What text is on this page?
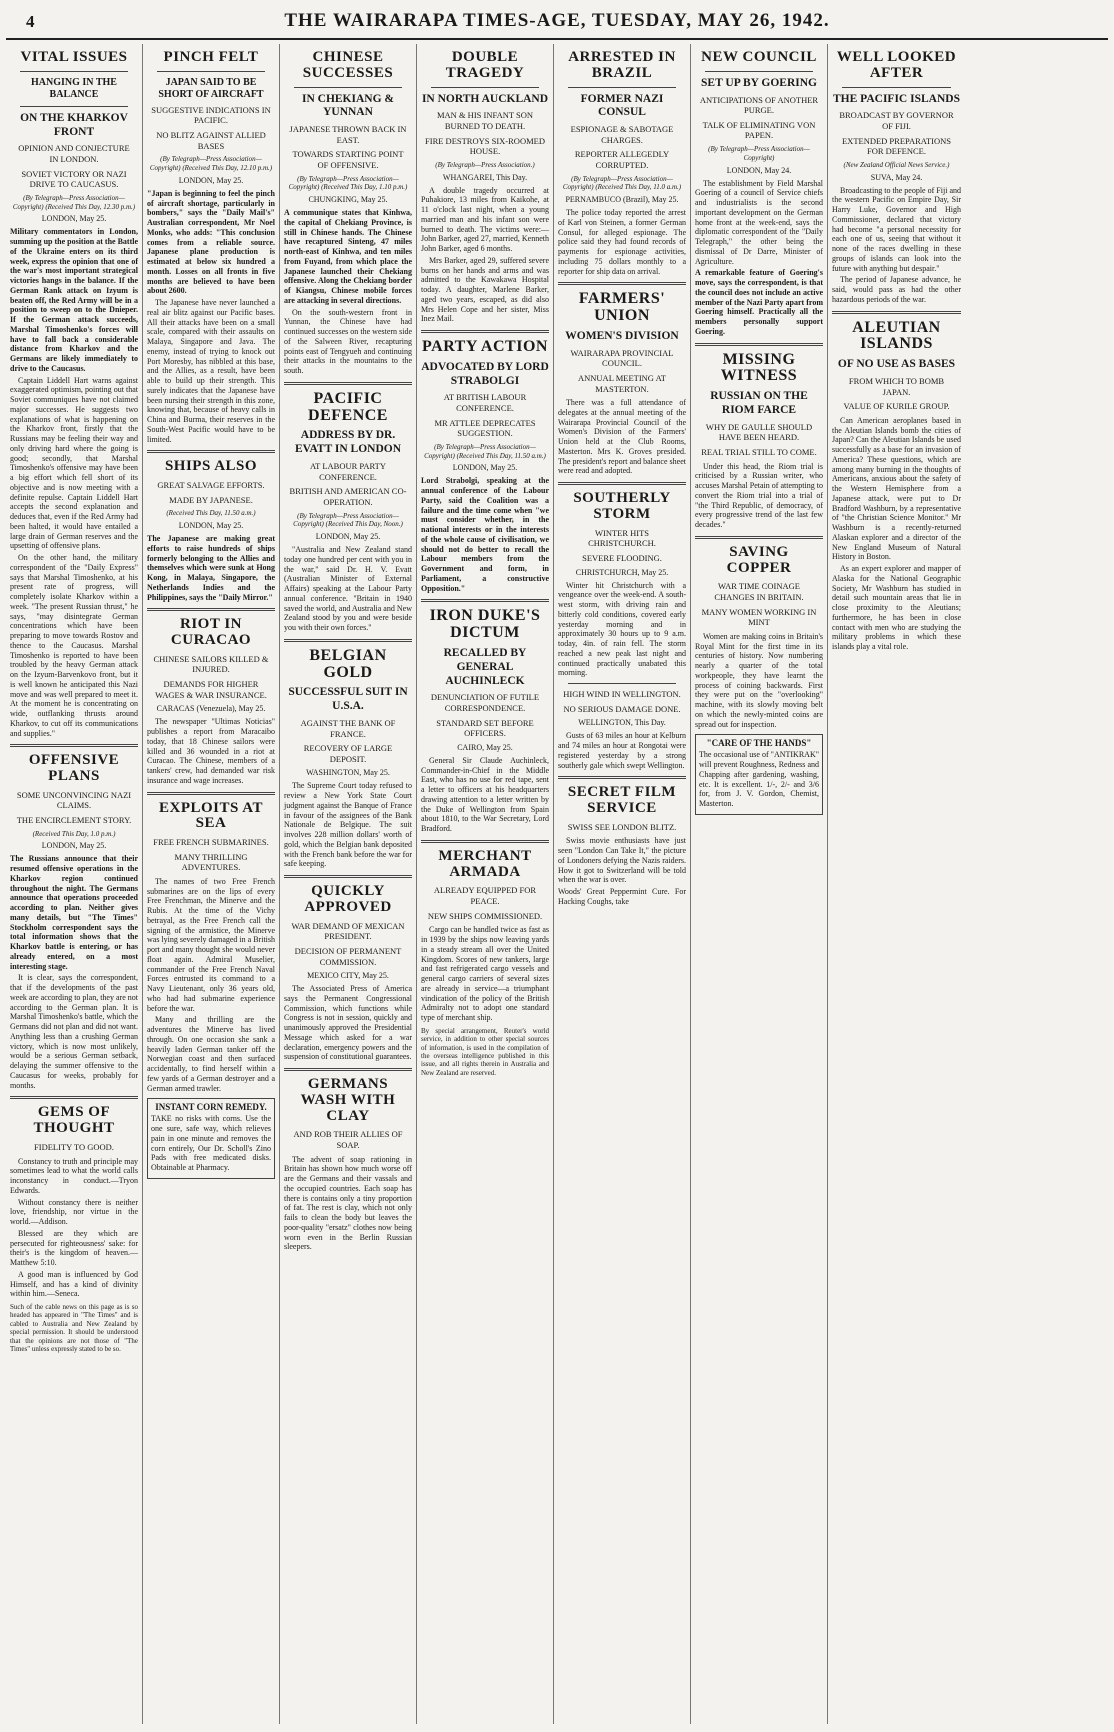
4	THE WAIRARAPA TIMES-AGE, TUESDAY, MAY 26, 1942.
VITAL ISSUES
HANGING IN THE BALANCE
ON THE KHARKOV FRONT
OPINION AND CONJECTURE IN LONDON.
SOVIET VICTORY OR NAZI DRIVE TO CAUCASUS.
(By Telegraph—Press Association—Copyright) (Received This Day, 12.30 p.m.)
LONDON, May 25.

Military commentators in London, summing up the position at the Battle of the Ukraine enters on its third week, express the opinion that one of the war's most important strategical victories hangs in the balance. If the German Rank attack on Izyum is beaten off, the Red Army will be in a position to sweep on to the Dnieper. If the German attack succeeds, Marshal Timoshenko's forces will have to fall back a considerable distance from Kharkov and the Germans are likely immediately to drive to the Caucasus.

Captain Liddell Hart warns against exaggerated optimism, pointing out that Soviet communiques have not claimed major successes. He suggests two explanations of what is happening on the Kharkov front, firstly that the Russians may be feeling their way and only driving hard where the going is good; secondly, that Marshal Timoshenko's offensive may have been a big effort which fell short of its objective and is now meeting with a definite repulse. Captain Liddell Hart accepts the second explanation and deduces that, even if the Red Army had been halted, it would have entailed a large drain of German reserves and the upsetting of offensive plans.

On the other hand, the military correspondent of the "Daily Express" says that Marshal Timoshenko, at his present rate of progress, will completely isolate Kharkov within a week. "The present Russian thrust," he says, "may disintegrate German concentrations which have been preparing to move towards Rostov and thence to the Caucasus. Marshal Timoshenko is reported to have been troubled by the heavy German attack on the Izyum-Barvenkovo front, but it is well known he anticipated this Nazi move and was well prepared to meet it. At the moment he is concentrating on wide, outflanking thrusts around Kharkov, to cut off its communications and supplies."

OFFENSIVE PLANS
SOME UNCONVINCING NAZI CLAIMS.
THE ENCIRCLEMENT STORY.
(Received This Day, 1.0 p.m.)
LONDON, May 25.

The Russians announce that their resumed offensive operations in the Kharkov region continued throughout the night. The Germans announce that operations proceeded according to plan. Neither gives many details, but "The Times" Stockholm correspondent says the total information shows that the Kharkov battle is entering, or has already entered, on a most interesting stage.

It is clear, says the correspondent, that if the developments of the past week are according to plan, they are not according to the German plan. It is Marshal Timoshenko's battle, which the Germans did not plan and did not want. Anything less than a crushing German victory, which is now most unlikely, would be a serious German setback, delaying the summer offensive to the Caucasus for weeks, probably for months.

GEMS OF THOUGHT
FIDELITY TO GOOD.

Constancy to truth and principle may sometimes lead to what the world calls inconstancy in conduct.—Tryon Edwards.

Without constancy there is neither love, friendship, nor virtue in the world.—Addison.

Blessed are they which are persecuted for righteousness' sake: for their's is the kingdom of heaven.—Matthew 5:10.

A good man is influenced by God Himself, and has a kind of divinity within him.—Seneca.

Such of the cable news on this page as is so headed has appeared in "The Times" and is cabled to Australia and New Zealand by special permission. It should be understood that the opinions are not those of "The Times" unless expressly stated to be so.

PINCH FELT
JAPAN SAID TO BE SHORT OF AIRCRAFT
SUGGESTIVE INDICATIONS IN PACIFIC.
NO BLITZ AGAINST ALLIED BASES
(By Telegraph—Press Association—Copyright) (Received This Day, 12.10 p.m.)
LONDON, May 25.

"Japan is beginning to feel the pinch of aircraft shortage, particularly in bombers," says the "Daily Mail's" Australian correspondent, Mr Noel Monks, who adds: "This conclusion comes from a reliable source. Japanese plane production is estimated at below six hundred a month. Losses on all fronts in five months are believed to have been about 2600.

The Japanese have never launched a real air blitz against our Pacific bases. All their attacks have been on a small scale, compared with their assaults on Malaya, Singapore and Java. The enemy, instead of trying to knock out Port Moresby, has nibbled at this base, and the Allies, as a result, have been able to build up their strength. This surely indicates that the Japanese have been nursing their strength in this zone, knowing that, because of heavy calls in China and Burma, their reserves in the South-West Pacific would have to be limited.

SHIPS ALSO
GREAT SALVAGE EFFORTS.
MADE BY JAPANESE.
(Received This Day, 11.50 a.m.)
LONDON, May 25.

The Japanese are making great efforts to raise hundreds of ships formerly belonging to the Allies and themselves which were sunk at Hong Kong, in Malaya, Singapore, the Netherlands Indies and the Philippines, says the "Daily Mirror."

RIOT IN CURACAO
CHINESE SAILORS KILLED & INJURED.
DEMANDS FOR HIGHER WAGES & WAR INSURANCE.
CARACAS (Venezuela), May 25.

The newspaper "Ultimas Noticias" publishes a report from Maracaibo today, that 18 Chinese sailors were killed and 36 wounded in a riot at Curacao. The Chinese, members of a tankers' crew, had demanded war risk insurance and wage increases.

EXPLOITS AT SEA
FREE FRENCH SUBMARINES.
MANY THRILLING ADVENTURES.

The names of two Free French submarines are on the lips of every Free Frenchman, the Minerve and the Rubis. At the time of the Vichy betrayal, as the Free French call the signing of the armistice, the Minerve was lying severely damaged in a British port and many thought she would never float again. Admiral Muselier, commander of the Free French Naval Forces entrusted its command to a Navy Lieutenant, only 36 years old, who had had submarine experience before the war.

Many and thrilling are the adventures the Minerve has lived through. On one occasion she sank a heavily laden German tanker off the Norwegian coast and then surfaced accidentally, to find herself within a few yards of a German destroyer and a German armed trawler.

INSTANT CORN REMEDY.

TAKE no risks with corns. Use the one sure, safe way, which relieves pain in one minute and removes the corn entirely, Our Dr. Scholl's Zino Pads with free medicated disks. Obtainable at Pharmacy.

CHINESE SUCCESSES
IN CHEKIANG & YUNNAN
JAPANESE THROWN BACK IN EAST.
TOWARDS STARTING POINT OF OFFENSIVE.
(By Telegraph—Press Association—Copyright) (Received This Day, 1.10 p.m.)
CHUNGKING, May 25.

A communique states that Kinhwa, the capital of Chekiang Province, is still in Chinese hands. The Chinese have recaptured Sinteng, 47 miles north-east of Kinhwa, and ten miles from Fuyand, from which place the Japanese launched their Chekiang offensive. Along the Chekiang border of Kiangsu, Chinese mobile forces are attacking in several directions.

On the south-western front in Yunnan, the Chinese have had continued successes on the western side of the Salween River, recapturing points east of Tengyueh and continuing their attacks in the mountains to the south.

PACIFIC DEFENCE
ADDRESS BY DR. EVATT IN LONDON
AT LABOUR PARTY CONFERENCE.
BRITISH AND AMERICAN CO-OPERATION.
(By Telegraph—Press Association—Copyright) (Received This Day, Noon.)
LONDON, May 25.

"Australia and New Zealand stand today one hundred per cent with you in the war," said Dr. H. V. Evatt (Australian Minister of External Affairs) speaking at the Labour Party annual conference. "Britain in 1940 saved the world, and Australia and New Zealand stood by you and were beside you with their own forces."

BELGIAN GOLD
SUCCESSFUL SUIT IN U.S.A.
AGAINST THE BANK OF FRANCE.
RECOVERY OF LARGE DEPOSIT.
WASHINGTON, May 25.

The Supreme Court today refused to review a New York State Court judgment against the Banque of France in favour of the assignees of the Bank Nationale de Belgique. The suit involves 228 million dollars' worth of gold, which the Belgian bank deposited with the French bank before the war for safe keeping.

QUICKLY APPROVED
WAR DEMAND OF MEXICAN PRESIDENT.
DECISION OF PERMANENT COMMISSION.
MEXICO CITY, May 25.

The Associated Press of America says the Permanent Congressional Commission, which functions while Congress is not in session, quickly and unanimously approved the Presidential Message which asked for a war declaration, emergency powers and the suspension of constitutional guarantees.

GERMANS WASH WITH CLAY
AND ROB THEIR ALLIES OF SOAP.

The advent of soap rationing in Britain has shown how much worse off are the Germans and their vassals and the occupied countries. Each soap has there is contains only a tiny proportion of fat. The rest is clay, which not only fails to clean the body but leaves the poor-quality "ersatz" clothes now being worn even in the Berlin Russian sleepers.

DOUBLE TRAGEDY
IN NORTH AUCKLAND
MAN & HIS INFANT SON BURNED TO DEATH.
FIRE DESTROYS SIX-ROOMED HOUSE.
(By Telegraph—Press Association.)
WHANGAREI, This Day.

A double tragedy occurred at Puhakiore, 13 miles from Kaikohe, at 11 o'clock last night, when a young married man and his infant son were burned to death. The victims were:— John Barker, aged 27, married, Kenneth John Barker, aged 6 months.

Mrs Barker, aged 29, suffered severe burns on her hands and arms and was admitted to the Kawakawa Hospital today. A daughter, Marlene Barker, aged two years, escaped, as did also Mrs Helen Cope and her sister, Miss Inez Mail.

PARTY ACTION
ADVOCATED BY LORD STRABOLGI
AT BRITISH LABOUR CONFERENCE.
MR ATTLEE DEPRECATES SUGGESTION.
(By Telegraph—Press Association—Copyright) (Received This Day, 11.50 a.m.)
LONDON, May 25.

Lord Strabolgi, speaking at the annual conference of the Labour Party, said the Coalition was a failure and the time come when "we must consider whether, in the national interests or in the interests of the whole cause of civilisation, we should not do better to recall the Labour members from the Government and form, in Parliament, a constructive Opposition."

IRON DUKE'S DICTUM
RECALLED BY GENERAL AUCHINLECK
DENUNCIATION OF FUTILE CORRESPONDENCE.
STANDARD SET BEFORE OFFICERS.
CAIRO, May 25.

General Sir Claude Auchinleck, Commander-in-Chief in the Middle East, who has no use for red tape, sent a letter to officers at his headquarters drawing attention to a letter written by the Duke of Wellington from Spain about 1810, to the War Secretary, Lord Bradford.

MERCHANT ARMADA
ALREADY EQUIPPED FOR PEACE.
NEW SHIPS COMMISSIONED.

Cargo can be handled twice as fast as in 1939 by the ships now leaving yards in a steady stream all over the United Kingdom. Scores of new tankers, large and fast refrigerated cargo vessels and general cargo carriers of several sizes are already in service—a triumphant vindication of the policy of the British Admiralty not to adopt one standard type of merchant ship.

By special arrangement, Reuter's world service, in addition to other special sources of information, is used in the compilation of the overseas intelligence published in this issue, and all rights therein in Australia and New Zealand are reserved.

ARRESTED IN BRAZIL
FORMER NAZI CONSUL
ESPIONAGE & SABOTAGE CHARGES.
REPORTER ALLEGEDLY CORRUPTED.
(By Telegraph—Press Association—Copyright) (Received This Day, 11.0 a.m.)
PERNAMBUCO (Brazil), May 25.

The police today reported the arrest of Karl von Steinen, a former German Consul, for alleged espionage. The police said they had found records of payments for espionage activities, including 75 dollars monthly to a reporter for ship data on arrival.

FARMERS' UNION
WOMEN'S DIVISION
WAIRARAPA PROVINCIAL COUNCIL.
ANNUAL MEETING AT MASTERTON.

There was a full attendance of delegates at the annual meeting of the Wairarapa Provincial Council of the Women's Division of the Farmers' Union held at the Club Rooms, Masterton. Mrs K. Groves presided. The president's report and balance sheet were read and adopted.

SOUTHERLY STORM
WINTER HITS CHRISTCHURCH.
SEVERE FLOODING.
CHRISTCHURCH, May 25.

Winter hit Christchurch with a vengeance over the week-end. A south-west storm, with driving rain and bitterly cold conditions, covered early yesterday morning and in approximately 30 hours up to 9 a.m. today, 4in. of rain fell. The storm reached a new peak last night and continued practically unabated this morning.

HIGH WIND IN WELLINGTON.
NO SERIOUS DAMAGE DONE.
WELLINGTON, This Day.

Gusts of 63 miles an hour at Kelburn and 74 miles an hour at Rongotai were registered yesterday by a strong southerly gale which swept Wellington.

SECRET FILM SERVICE
SWISS SEE LONDON BLITZ.

Swiss movie enthusiasts have just seen "London Can Take It," the picture of Londoners defying the Nazis raiders. How it got to Switzerland will be told when the war is over.

Woods' Great Peppermint Cure. For Hacking Coughs, take

NEW COUNCIL
SET UP BY GOERING
ANTICIPATIONS OF ANOTHER PURGE.
TALK OF ELIMINATING VON PAPEN.
(By Telegraph—Press Association—Copyright)
LONDON, May 24.

The establishment by Field Marshal Goering of a council of Service chiefs and industrialists is the second important development on the German home front at the week-end, says the diplomatic correspondent of the "Daily Telegraph," the other being the dismissal of Dr Darre, Minister of Agriculture.

A remarkable feature of Goering's move, says the correspondent, is that the council does not include an active member of the Nazi Party apart from Goering himself. Practically all the members personally support Goering.

MISSING WITNESS
RUSSIAN ON THE RIOM FARCE
WHY DE GAULLE SHOULD HAVE BEEN HEARD.
REAL TRIAL STILL TO COME.

Under this head, the Riom trial is criticised by a Russian writer, who accuses Marshal Petain of attempting to convert the Riom trial into a trial of "the Third Republic, of democracy, of every progressive trend of the last few decades."

SAVING COPPER
WAR TIME COINAGE CHANGES IN BRITAIN.
MANY WOMEN WORKING IN MINT

Women are making coins in Britain's Royal Mint for the first time in its centuries of history. Now numbering nearly a quarter of the total workpeople, they have learnt the process of coining backwards. First they were put on the "overlooking" machine, with its slowly moving belt on which the newly-minted coins are spread out for inspection.

"CARE OF THE HANDS"

The occasional use of "ANTIKRAK" will prevent Roughness, Redness and Chapping after gardening, washing, etc. It is excellent. 1/-, 2/- and 3/6 for, from J. V. Gordon, Chemist, Masterton.

WELL LOOKED AFTER
THE PACIFIC ISLANDS
BROADCAST BY GOVERNOR OF FIJI.
EXTENDED PREPARATIONS FOR DEFENCE.
(New Zealand Official News Service.)
SUVA, May 24.

Broadcasting to the people of Fiji and the western Pacific on Empire Day, Sir Harry Luke, Governor and High Commissioner, declared that victory had become "a personal necessity for each one of us, seeing that without it none of the races dwelling in these groups of islands can look into the future with anything but despair."

The period of Japanese advance, he said, would pass as had the other hazardous periods of the war.

ALEUTIAN ISLANDS
OF NO USE AS BASES
FROM WHICH TO BOMB JAPAN.
VALUE OF KURILE GROUP.

Can American aeroplanes based in the Aleutian Islands bomb the cities of Japan? Can the Aleutian Islands be used successfully as a base for an invasion of America? These questions, which are among many burning in the thoughts of Americans, anxious about the safety of the Western Hemisphere from a Japanese attack, were put to Dr Bradford Washburn, by a representative of "the Christian Science Monitor." Mr Washburn is a recently-returned Alaskan explorer and a director of the New England Museum of Natural History in Boston.

As an expert explorer and mapper of Alaska for the National Geographic Society, Mr Washburn has studied in detail such mountain areas that lie in close proximity to the Aleutians; furthermore, he has been in close contact with men who are studying the military problems in which these islands play a vital role.
